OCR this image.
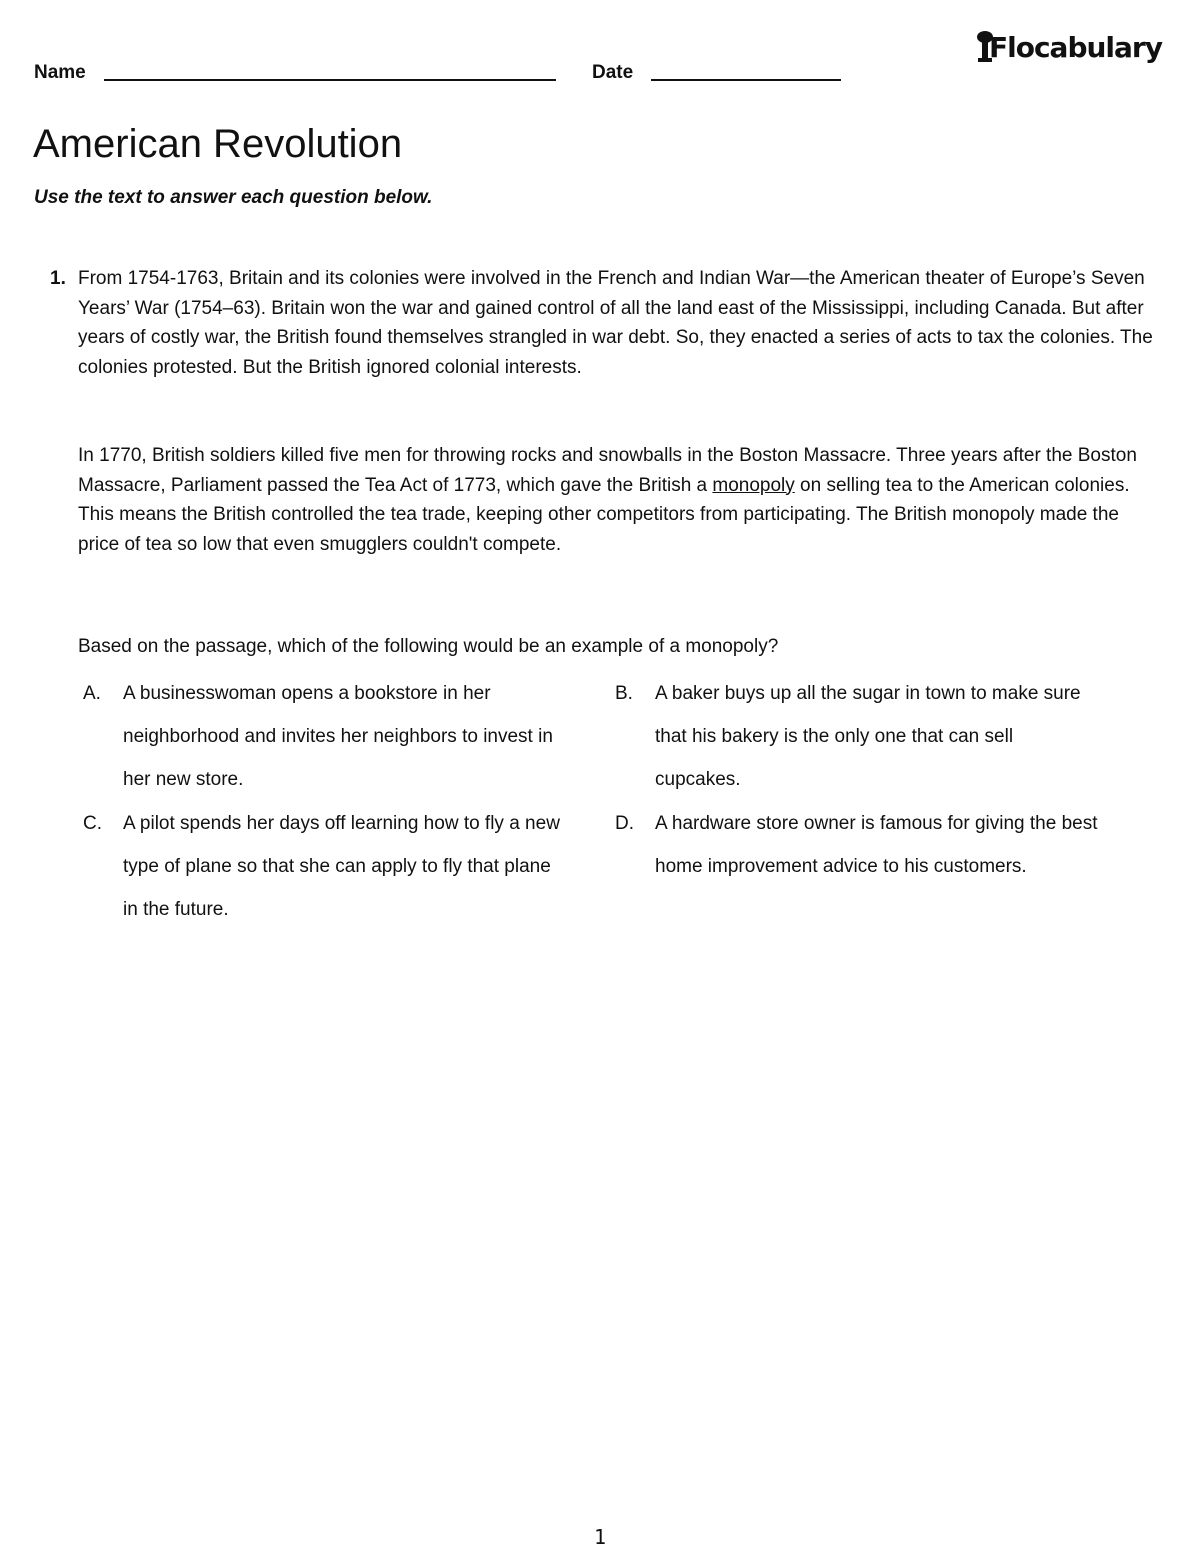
Name	Date
Flocabulary
American Revolution

Use the text to answer each question below.

1. From 1754-1763, Britain and its colonies were involved in the French and Indian War—the American theater of Europe’s Seven Years’ War (1754–63). Britain won the war and gained control of all the land east of the Mississippi, including Canada. But after years of costly war, the British found themselves strangled in war debt. So, they enacted a series of acts to tax the colonies. The colonies protested. But the British ignored colonial interests.

In 1770, British soldiers killed five men for throwing rocks and snowballs in the Boston Massacre. Three years after the Boston Massacre, Parliament passed the Tea Act of 1773, which gave the British a monopoly on selling tea to the American colonies. This means the British controlled the tea trade, keeping other competitors from participating. The British monopoly made the price of tea so low that even smugglers couldn't compete.

Based on the passage, which of the following would be an example of a monopoly?

A.	A businesswoman opens a bookstore in her neighborhood and invites her neighbors to invest in her new store.
B.	A baker buys up all the sugar in town to make sure that his bakery is the only one that can sell cupcakes.
C.	A pilot spends her days off learning how to fly a new type of plane so that she can apply to fly that plane in the future.
D.	A hardware store owner is famous for giving the best home improvement advice to his customers.
1
